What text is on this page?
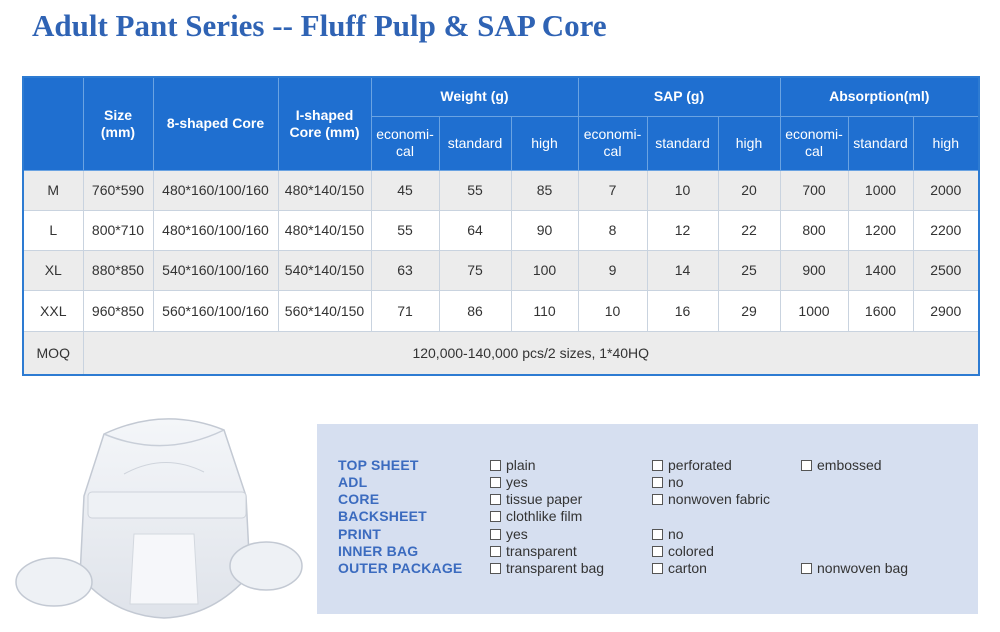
Adult Pant Series -- Fluff Pulp & SAP Core
	Size (mm)	8-shaped Core	I-shaped Core (mm)	Weight (g)			SAP (g)			Absorption(ml)		
				economi-cal	standard	high	economi-cal	standard	high	economi-cal	standard	high
M	760*590	480*160/100/160	480*140/150	45	55	85	7	10	20	700	1000	2000
L	800*710	480*160/100/160	480*140/150	55	64	90	8	12	22	800	1200	2200
XL	880*850	540*160/100/160	540*140/150	63	75	100	9	14	25	900	1400	2500
XXL	960*850	560*160/100/160	560*140/150	71	86	110	10	16	29	1000	1600	2900
MOQ	120,000-140,000 pcs/2 sizes, 1*40HQ											
TOP SHEET	plain	perforated	embossed
ADL	yes	no
CORE	tissue paper	nonwoven fabric
BACKSHEET	clothlike film
PRINT	yes	no
INNER BAG	transparent	colored
OUTER PACKAGE	transparent bag	carton	nonwoven bag
